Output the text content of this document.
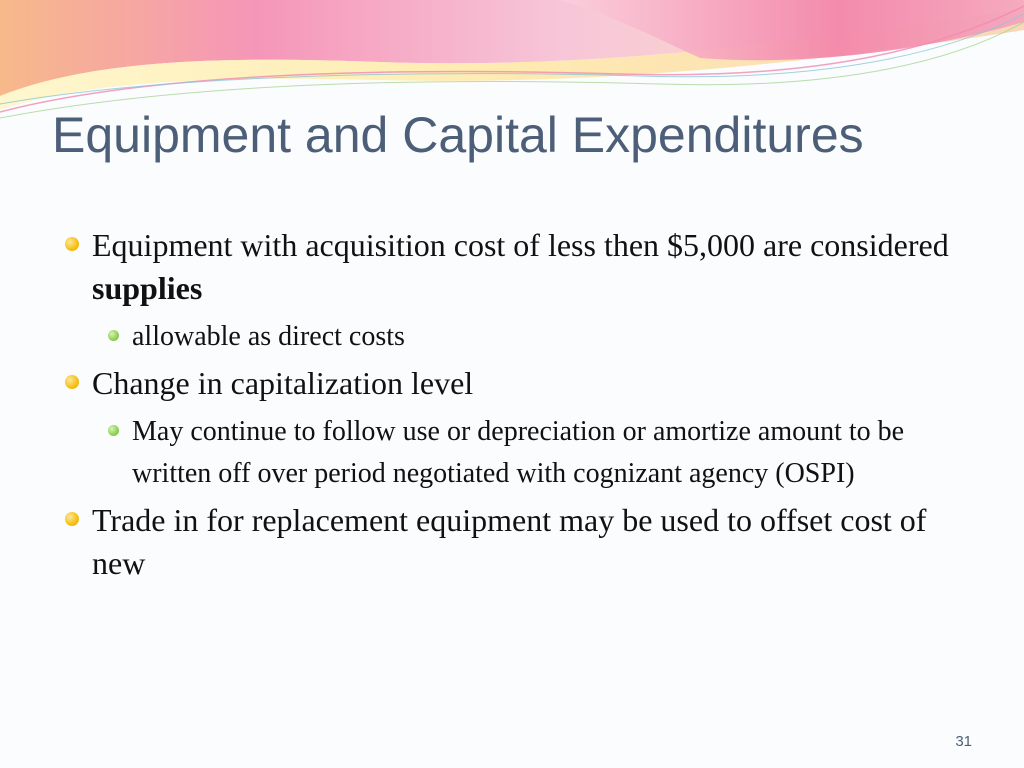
Equipment and Capital Expenditures
Equipment with acquisition cost of less then $5,000 are considered supplies
allowable as direct costs
Change in capitalization level
May continue to follow use or depreciation or amortize amount to be written off over period negotiated with cognizant agency (OSPI)
Trade in for replacement equipment may be used to offset cost of new
31
